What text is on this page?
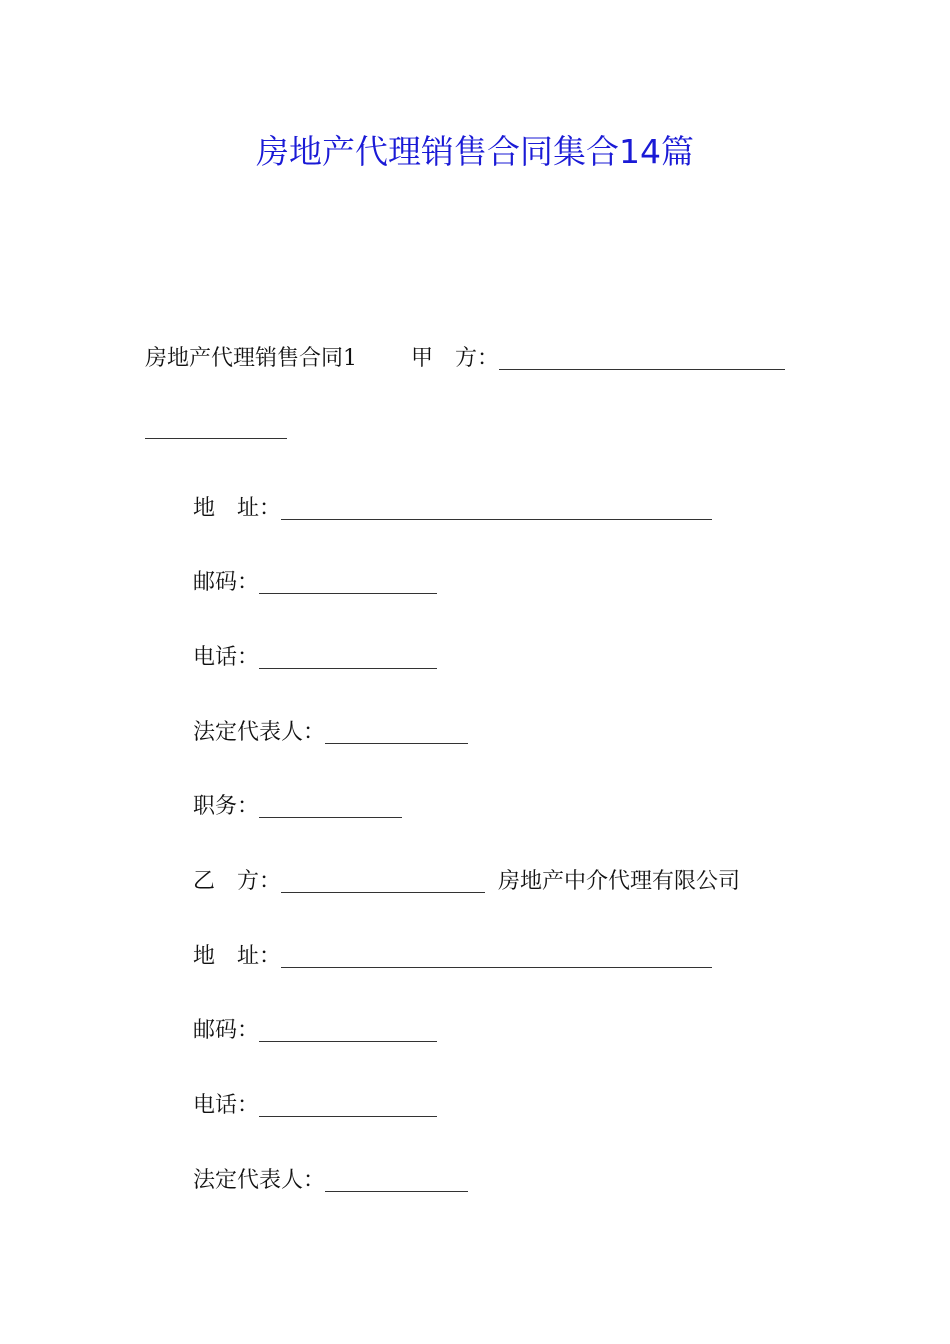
房地产代理销售合同集合14篇
房地产代理销售合同1 甲　方：
地　址：
邮码：
电话：
法定代表人：
职务：
乙　方：	房地产中介代理有限公司
地　址：
邮码：
电话：
法定代表人：
